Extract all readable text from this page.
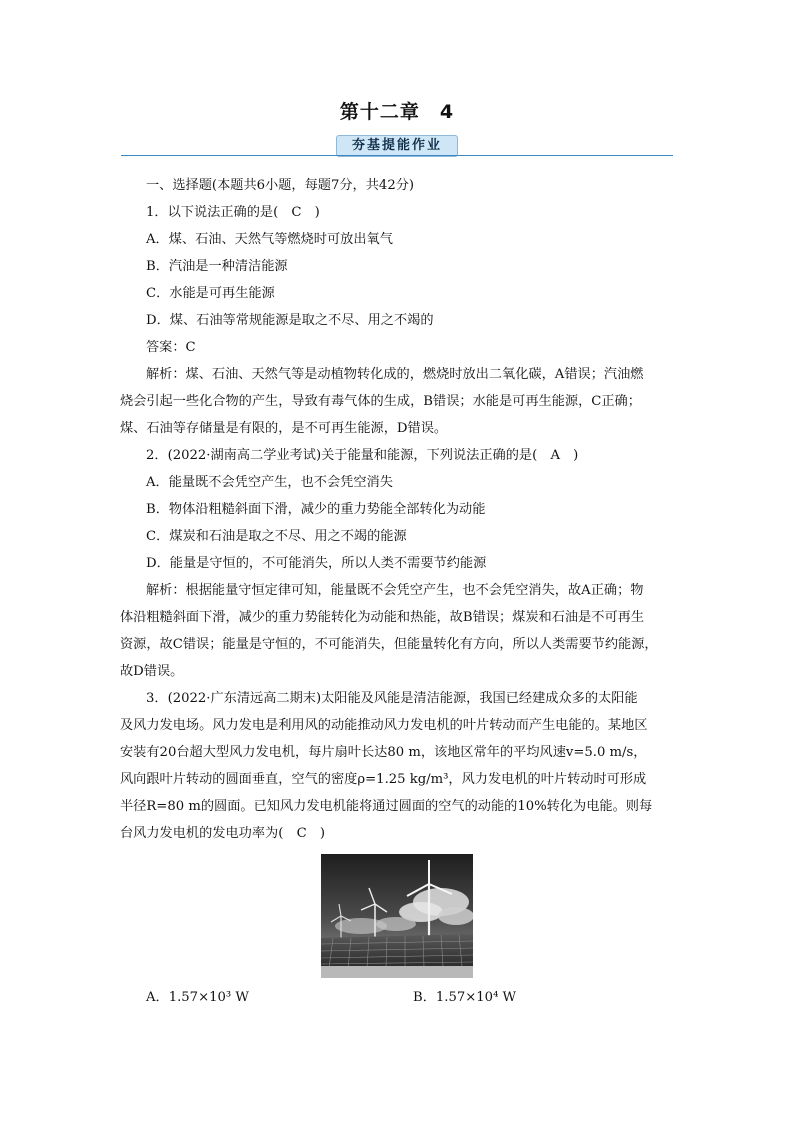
第十二章　4
夯基提能作业
一、选择题(本题共6小题，每题7分，共42分)
1．以下说法正确的是(　C　)
A．煤、石油、天然气等燃烧时可放出氧气
B．汽油是一种清洁能源
C．水能是可再生能源
D．煤、石油等常规能源是取之不尽、用之不竭的
答案：C
解析：煤、石油、天然气等是动植物转化成的，燃烧时放出二氧化碳，A错误；汽油燃
烧会引起一些化合物的产生，导致有毒气体的生成，B错误；水能是可再生能源，C正确；
煤、石油等存储量是有限的，是不可再生能源，D错误。
2．(2022·湖南高二学业考试)关于能量和能源，下列说法正确的是(　A　)
A．能量既不会凭空产生，也不会凭空消失
B．物体沿粗糙斜面下滑，减少的重力势能全部转化为动能
C．煤炭和石油是取之不尽、用之不竭的能源
D．能量是守恒的，不可能消失，所以人类不需要节约能源
解析：根据能量守恒定律可知，能量既不会凭空产生，也不会凭空消失，故A正确；物
体沿粗糙斜面下滑，减少的重力势能转化为动能和热能，故B错误；煤炭和石油是不可再生
资源，故C错误；能量是守恒的，不可能消失，但能量转化有方向，所以人类需要节约能源，
故D错误。
3．(2022·广东清远高二期末)太阳能及风能是清洁能源，我国已经建成众多的太阳能
及风力发电场。风力发电是利用风的动能推动风力发电机的叶片转动而产生电能的。某地区
安装有20台超大型风力发电机，每片扇叶长达80 m，该地区常年的平均风速v=5.0 m/s，
风向跟叶片转动的圆面垂直，空气的密度ρ=1.25 kg/m³，风力发电机的叶片转动时可形成
半径R=80 m的圆面。已知风力发电机能将通过圆面的空气的动能的10%转化为电能。则每
台风力发电机的发电功率为(　C　)
A．1.57×10³ W	B．1.57×10⁴ W
